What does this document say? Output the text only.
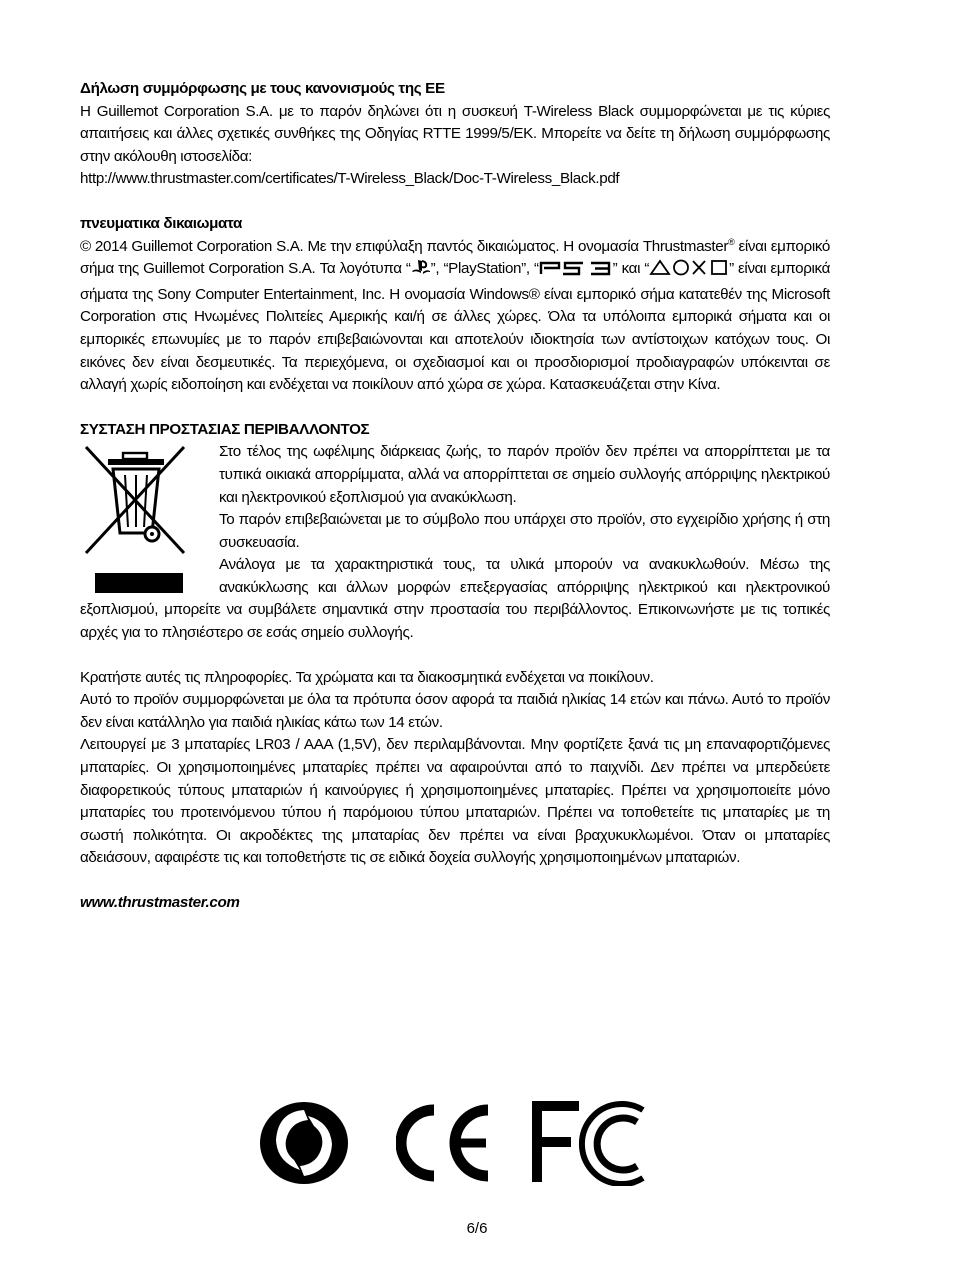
Δήλωση συμμόρφωσης με τους κανονισμούς της ΕΕ

Η Guillemot Corporation S.A. με το παρόν δηλώνει ότι η συσκευή T-Wireless Black συμμορφώνεται με τις κύριες απαιτήσεις και άλλες σχετικές συνθήκες της Οδηγίας RTTE 1999/5/ΕΚ. Μπορείτε να δείτε τη δήλωση συμμόρφωσης στην ακόλουθη ιστοσελίδα:

http://www.thrustmaster.com/certificates/T-Wireless_Black/Doc-T-Wireless_Black.pdf

πνευματικα δικαιωματα

© 2014 Guillemot Corporation S.A. Με την επιφύλαξη παντός δικαιώματος. Η ονομασία Thrustmaster® είναι εμπορικό σήμα της Guillemot Corporation S.A. Τα λογότυπα “ ”, “PlayStation”, “	” και “	” είναι εμπορικά σήματα της Sony Computer Entertainment, Inc. Η ονομασία Windows® είναι εμπορικό σήμα κατατεθέν της Microsoft Corporation στις Ηνωμένες Πολιτείες Αμερικής και/ή σε άλλες χώρες. Όλα τα υπόλοιπα εμπορικά σήματα και οι εμπορικές επωνυμίες με το παρόν επιβεβαιώνονται και αποτελούν ιδιοκτησία των αντίστοιχων κατόχων τους. Οι εικόνες δεν είναι δεσμευτικές. Τα περιεχόμενα, οι σχεδιασμοί και οι προσδιορισμοί προδιαγραφών υπόκεινται σε αλλαγή χωρίς ειδοποίηση και ενδέχεται να ποικίλουν από χώρα σε χώρα. Κατασκευάζεται στην Κίνα.

ΣΥΣΤΑΣΗ ΠΡΟΣΤΑΣΙΑΣ ΠΕΡΙΒΑΛΛΟΝΤΟΣ

Στο τέλος της ωφέλιμης διάρκειας ζωής, το παρόν προϊόν δεν πρέπει να απορρίπτεται με τα τυπικά οικιακά απορρίμματα, αλλά να απορρίπτεται σε σημείο συλλογής απόρριψης ηλεκτρικού και ηλεκτρονικού εξοπλισμού για ανακύκλωση.

Το παρόν επιβεβαιώνεται με το σύμβολο που υπάρχει στο προϊόν, στο εγχειρίδιο χρήσης ή στη συσκευασία.

Ανάλογα με τα χαρακτηριστικά τους, τα υλικά μπορούν να ανακυκλωθούν. Μέσω της ανακύκλωσης και άλλων μορφών επεξεργασίας απόρριψης ηλεκτρικού και ηλεκτρονικού εξοπλισμού, μπορείτε να συμβάλετε σημαντικά στην προστασία του περιβάλλοντος. Επικοινωνήστε με τις τοπικές αρχές για το πλησιέστερο σε εσάς σημείο συλλογής.

Κρατήστε αυτές τις πληροφορίες. Τα χρώματα και τα διακοσμητικά ενδέχεται να ποικίλουν.

Αυτό το προϊόν συμμορφώνεται με όλα τα πρότυπα όσον αφορά τα παιδιά ηλικίας 14 ετών και πάνω. Αυτό το προϊόν δεν είναι κατάλληλο για παιδιά ηλικίας κάτω των 14 ετών.

Λειτουργεί με 3 μπαταρίες LR03 / AAA (1,5V), δεν περιλαμβάνονται. Μην φορτίζετε ξανά τις μη επαναφορτιζόμενες μπαταρίες. Οι χρησιμοποιημένες μπαταρίες πρέπει να αφαιρούνται από το παιχνίδι. Δεν πρέπει να μπερδεύετε διαφορετικούς τύπους μπαταριών ή καινούργιες ή χρησιμοποιημένες μπαταρίες. Πρέπει να χρησιμοποιείτε μόνο μπαταρίες του προτεινόμενου τύπου ή παρόμοιου τύπου μπαταριών. Πρέπει να τοποθετείτε τις μπαταρίες με τη σωστή πολικότητα. Οι ακροδέκτες της μπαταρίας δεν πρέπει να είναι βραχυκυκλωμένοι. Όταν οι μπαταρίες αδειάσουν, αφαιρέστε τις και τοποθετήστε τις σε ειδικά δοχεία συλλογής χρησιμοποιημένων μπαταριών.

www.thrustmaster.com

6/6
